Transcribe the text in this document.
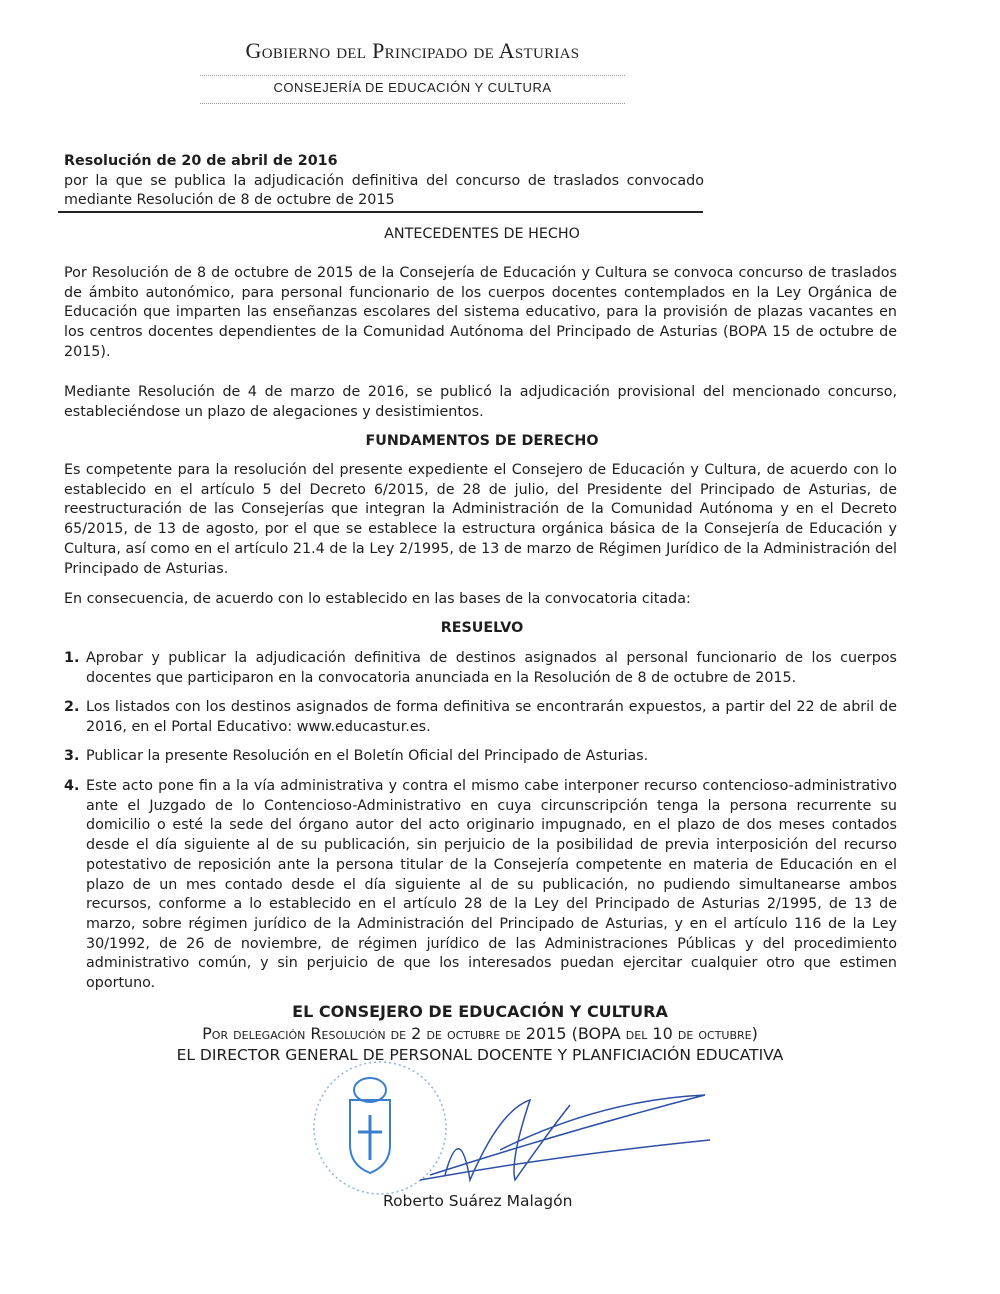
Gobierno del Principado de Asturias
CONSEJERÍA DE EDUCACIÓN Y CULTURA
Resolución de 20 de abril de 2016
por la que se publica la adjudicación definitiva del concurso de traslados convocado mediante Resolución de 8 de octubre de 2015
ANTECEDENTES DE HECHO
Por Resolución de 8 de octubre de 2015 de la Consejería de Educación y Cultura se convoca concurso de traslados de ámbito autonómico, para personal funcionario de los cuerpos docentes contemplados en la Ley Orgánica de Educación que imparten las enseñanzas escolares del sistema educativo, para la provisión de plazas vacantes en los centros docentes dependientes de la Comunidad Autónoma del Principado de Asturias (BOPA 15 de octubre de 2015).
Mediante Resolución de 4 de marzo de 2016, se publicó la adjudicación provisional del mencionado concurso, estableciéndose un plazo de alegaciones y desistimientos.
FUNDAMENTOS DE DERECHO
Es competente para la resolución del presente expediente el Consejero de Educación y Cultura, de acuerdo con lo establecido en el artículo 5 del Decreto 6/2015, de 28 de julio, del Presidente del Principado de Asturias, de reestructuración de las Consejerías que integran la Administración de la Comunidad Autónoma y en el Decreto 65/2015, de 13 de agosto, por el que se establece la estructura orgánica básica de la Consejería de Educación y Cultura, así como en el artículo 21.4 de la Ley 2/1995, de 13 de marzo de Régimen Jurídico de la Administración del Principado de Asturias.
En consecuencia, de acuerdo con lo establecido en las bases de la convocatoria citada:
RESUELVO
1. Aprobar y publicar la adjudicación definitiva de destinos asignados al personal funcionario de los cuerpos docentes que participaron en la convocatoria anunciada en la Resolución de 8 de octubre de 2015.
2. Los listados con los destinos asignados de forma definitiva se encontrarán expuestos, a partir del 22 de abril de 2016, en el Portal Educativo: www.educastur.es.
3. Publicar la presente Resolución en el Boletín Oficial del Principado de Asturias.
4. Este acto pone fin a la vía administrativa y contra el mismo cabe interponer recurso contencioso-administrativo ante el Juzgado de lo Contencioso-Administrativo en cuya circunscripción tenga la persona recurrente su domicilio o esté la sede del órgano autor del acto originario impugnado, en el plazo de dos meses contados desde el día siguiente al de su publicación, sin perjuicio de la posibilidad de previa interposición del recurso potestativo de reposición ante la persona titular de la Consejería competente en materia de Educación en el plazo de un mes contado desde el día siguiente al de su publicación, no pudiendo simultanearse ambos recursos, conforme a lo establecido en el artículo 28 de la Ley del Principado de Asturias 2/1995, de 13 de marzo, sobre régimen jurídico de la Administración del Principado de Asturias, y en el artículo 116 de la Ley 30/1992, de 26 de noviembre, de régimen jurídico de las Administraciones Públicas y del procedimiento administrativo común, y sin perjuicio de que los interesados puedan ejercitar cualquier otro que estimen oportuno.
EL CONSEJERO DE EDUCACIÓN Y CULTURA
Por delegación Resolución de 2 de octubre de 2015 (BOPA del 10 de octubre)
EL DIRECTOR GENERAL DE PERSONAL DOCENTE Y PLANFICIACIÓN EDUCATIVA
Roberto Suárez Malagón
